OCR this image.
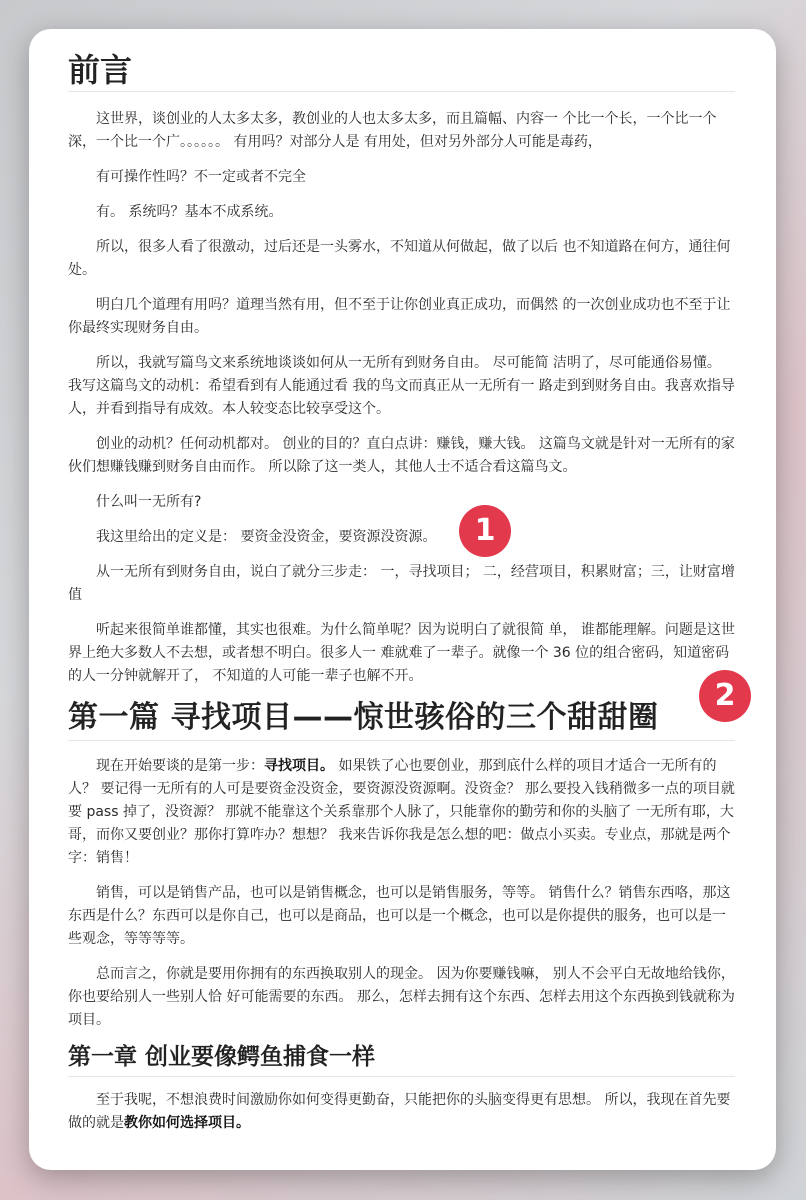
前言

这世界，谈创业的人太多太多，教创业的人也太多太多，而且篇幅、内容一 个比一个长，一个比一个深，一个比一个广。。。。。。 有用吗？对部分人是 有用处，但对另外部分人可能是毒药，

有可操作性吗？不一定或者不完全

有。 系统吗？基本不成系统。

所以，很多人看了很激动，过后还是一头雾水，不知道从何做起，做了以后 也不知道路在何方，通往何处。

明白几个道理有用吗？道理当然有用，但不至于让你创业真正成功，而偶然 的一次创业成功也不至于让你最终实现财务自由。

所以，我就写篇鸟文来系统地谈谈如何从一无所有到财务自由。 尽可能简 洁明了，尽可能通俗易懂。 我写这篇鸟文的动机：希望看到有人能通过看 我的鸟文而真正从一无所有一 路走到到财务自由。我喜欢指导人，并看到指导有成效。本人较变态比较享受这个。

创业的动机？任何动机都对。 创业的目的？直白点讲：赚钱，赚大钱。 这篇鸟文就是针对一无所有的家伙们想赚钱赚到财务自由而作。 所以除了这一类人，其他人士不适合看这篇鸟文。

什么叫一无所有?

我这里给出的定义是： 要资金没资金，要资源没资源。

从一无所有到财务自由，说白了就分三步走： 一，寻找项目； 二，经营项目，积累财富；三，让财富增值

听起来很简单谁都懂，其实也很难。为什么简单呢？因为说明白了就很简 单， 谁都能理解。问题是这世界上绝大多数人不去想，或者想不明白。很多人一 难就难了一辈子。就像一个 36 位的组合密码，知道密码的人一分钟就解开了， 不知道的人可能一辈子也解不开。

第一篇 寻找项目——惊世骇俗的三个甜甜圈

现在开始要谈的是第一步：寻找项目。 如果铁了心也要创业，那到底什么样的项目才适合一无所有的人？ 要记得一无所有的人可是要资金没资金，要资源没资源啊。没资金？ 那么要投入钱稍微多一点的项目就要 pass 掉了，没资源？ 那就不能靠这个关系靠那个人脉了，只能靠你的勤劳和你的头脑了 一无所有耶，大哥，而你又要创业？那你打算咋办？想想？ 我来告诉你我是怎么想的吧：做点小买卖。专业点，那就是两个字：销售！

销售，可以是销售产品，也可以是销售概念，也可以是销售服务，等等。 销售什么？销售东西咯，那这东西是什么？东西可以是你自己，也可以是商品，也可以是一个概念，也可以是你提供的服务，也可以是一些观念，等等等等。

总而言之，你就是要用你拥有的东西换取别人的现金。 因为你要赚钱嘛， 别人不会平白无故地给钱你，你也要给别人一些别人恰 好可能需要的东西。 那么，怎样去拥有这个东西、怎样去用这个东西换到钱就称为项目。

第一章 创业要像鳄鱼捕食一样

至于我呢，不想浪费时间激励你如何变得更勤奋，只能把你的头脑变得更有思想。 所以，我现在首先要做的就是教你如何选择项目。

1
2
